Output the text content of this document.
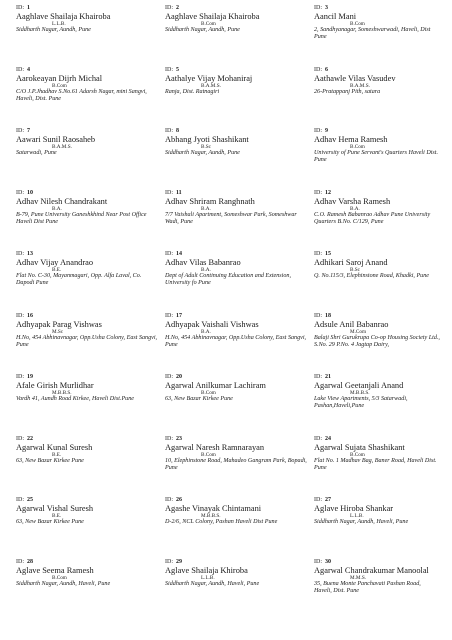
ID: 1
Aaghlave Shailaja Khairoba
L.L.B.
Siddharth Nagar, Aundh, Pune
ID: 2
Aaghlave Shailaja Khairoba
B.Com
Siddharth Nagar, Aundh, Pune
ID: 3
Aancil Mani
B.Com
2, Sandhyanagar, Someshwarwadi, Haveli, Dist Pune
ID: 4
Aarokeayan Dijrh Michal
B.Com
C/O J.P.Jhadhav S.No.61 Adarsh Nagar, mini Sangvi, Haveli, Dist. Pune
ID: 5
Aathalye Vijay Mohaniraj
B.A.M.S.
Ranja, Dist. Ratnagiri
ID: 6
Aathawle Vilas Vasudev
B.A.M.S.
26-Pratappanj Pith, satara
ID: 7
Aawari Sunil Raosaheb
B.A.M.S.
Satarwadi, Pune
ID: 8
Abhang Jyoti Shashikant
B.Sc
Siddharth Nagar, Aundh, Pune
ID: 9
Adhav Hema Ramesh
B.Com
University of Pune Servant's Quarters Haveli Dist. Pune
ID: 10
Adhav Nilesh Chandrakant
B.A.
B-79, Pune University Ganeshkhind Near Post Office Haveli Dist Pune
ID: 11
Adhav Shriram Ranghnath
B.A.
7/7 Vaishali Apartment, Someshwar Park, Someshwar Wadi, Pune
ID: 12
Adhav Varsha Ramesh
B.A.
C.O. Ramesh Babanrao Adhav Pune University Quarters B.No. C/129, Pune
ID: 13
Adhav Vijay Anandrao
B.E.
Flat No. C-30, Mayanmagari, Opp. Alfa Laval, Co. Dapodi Pune
ID: 14
Adhav Vilas Babanrao
B.A.
Dept of Adult Continuing Education and Extension, University fo Pune
ID: 15
Adhikari Saroj Anand
B.Sc
Q. No.115/3, Elephinstone Road, Khadki, Pune
ID: 16
Adhyapak Parag Vishwas
M.Sc
H.No, 454 Abhinavnagar, Opp.Usha Colony, East Sangvi, Pune
ID: 17
Adhyapak Vaishali Vishwas
B.A.
H.No, 454 Abhinavnagar, Opp.Usha Colony, East Sangvi, Pune
ID: 18
Adsule Anil Babanrao
M.Com
Balaji Shri Gurukrupa Co-op Housing Society Ltd., S.No. 29 P.No. 4 Jagtap Dairy,
ID: 19
Afale Girish Murlidhar
M.B.B.S.
Vardh 41, Aundh Road Kirkee, Haveli Dist.Pune
ID: 20
Agarwal Anilkumar Lachiram
B.Com
63, New Bazar Kirkee Pune
ID: 21
Agarwal Geetanjali Anand
M.B.B.S.
Lake View Apartments, 5/3 Satarwadi, Pashan,Haveli,Pune
ID: 22
Agarwal Kunal Suresh
B.E.
63, New Bazar Kirkee Pune
ID: 23
Agarwal Naresh Ramnarayan
B.Com
10, Elephinstone Road, Mahadeo Gangram Park, Bopadi, Pune
ID: 24
Agarwal Sujata Shashikant
B.Com
Flat No. 1 Madhav Bag, Baner Road, Haveli Dist. Pune
ID: 25
Agarwal Vishal Suresh
B.E.
63, New Bazar Kirkee Pune
ID: 26
Agashe Vinayak Chintamani
M.B.B.S.
D-2/6, NCL Colony, Pashan Haveli Dist Pune
ID: 27
Aglave Hiroba Shankar
L.L.B.
Siddharth Nagar, Aundh, Haveli, Pune
ID: 28
Aglave Seema Ramesh
B.Com
Siddharth Nagar, Aundh, Haveli, Pune
ID: 29
Aglave Shailaja Khiroba
L.L.B.
Siddharth Nagar, Aundh, Haveli, Pune
ID: 30
Agarwal Chandrakumar Manoolal
M.M.S.
35, Buena Monte Panchavati Pashan Road, Haveli, Dist. Pune
